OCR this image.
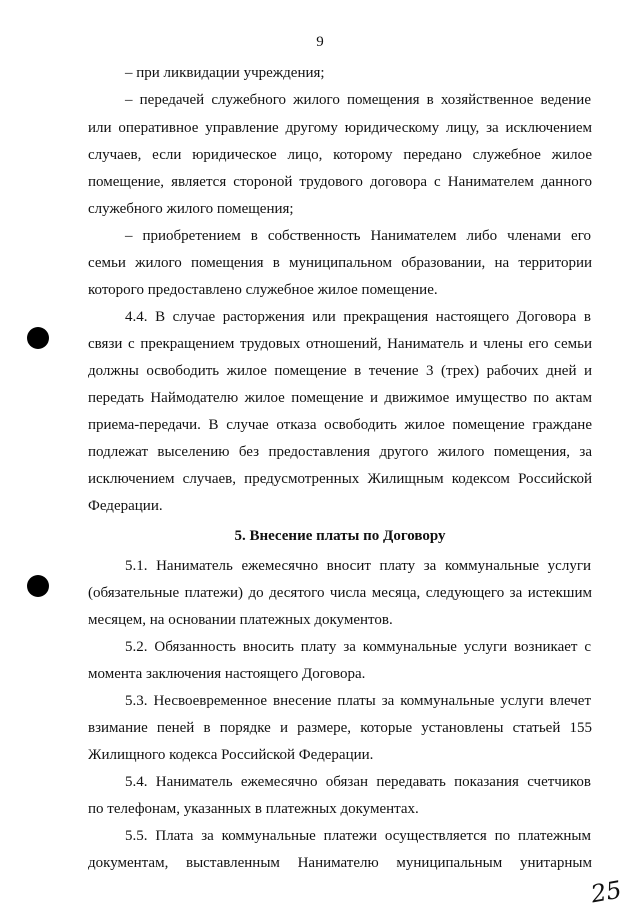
9
– при ликвидации учреждения;
– передачей служебного жилого помещения в хозяйственное ведение
или оперативное управление другому юридическому лицу, за исключением
случаев, если юридическое лицо, которому передано служебное жилое
помещение, является стороной трудового договора с Нанимателем данного
служебного жилого помещения;
– приобретением в собственность Нанимателем либо членами его
семьи жилого помещения в муниципальном образовании, на территории
которого предоставлено служебное жилое помещение.
4.4. В случае расторжения или прекращения настоящего Договора в
связи с прекращением трудовых отношений, Наниматель и члены его семьи
должны освободить жилое помещение в течение 3 (трех) рабочих дней и
передать Наймодателю жилое помещение и движимое имущество по актам
приема-передачи. В случае отказа освободить жилое помещение граждане
подлежат выселению без предоставления другого жилого помещения, за
исключением случаев, предусмотренных Жилищным кодексом Российской
Федерации.
5. Внесение платы по Договору
5.1. Наниматель ежемесячно вносит плату за коммунальные услуги
(обязательные платежи) до десятого числа месяца, следующего за истекшим
месяцем, на основании платежных документов.
5.2. Обязанность вносить плату за коммунальные услуги возникает с
момента заключения настоящего Договора.
5.3. Несвоевременное внесение платы за коммунальные услуги влечет
взимание пеней в порядке и размере, которые установлены статьей 155
Жилищного кодекса Российской Федерации.
5.4. Наниматель ежемесячно обязан передавать показания счетчиков
по телефонам, указанных в платежных документах.
5.5. Плата за коммунальные платежи осуществляется по платежным
документам, выставленным Нанимателю муниципальным унитарным
25
